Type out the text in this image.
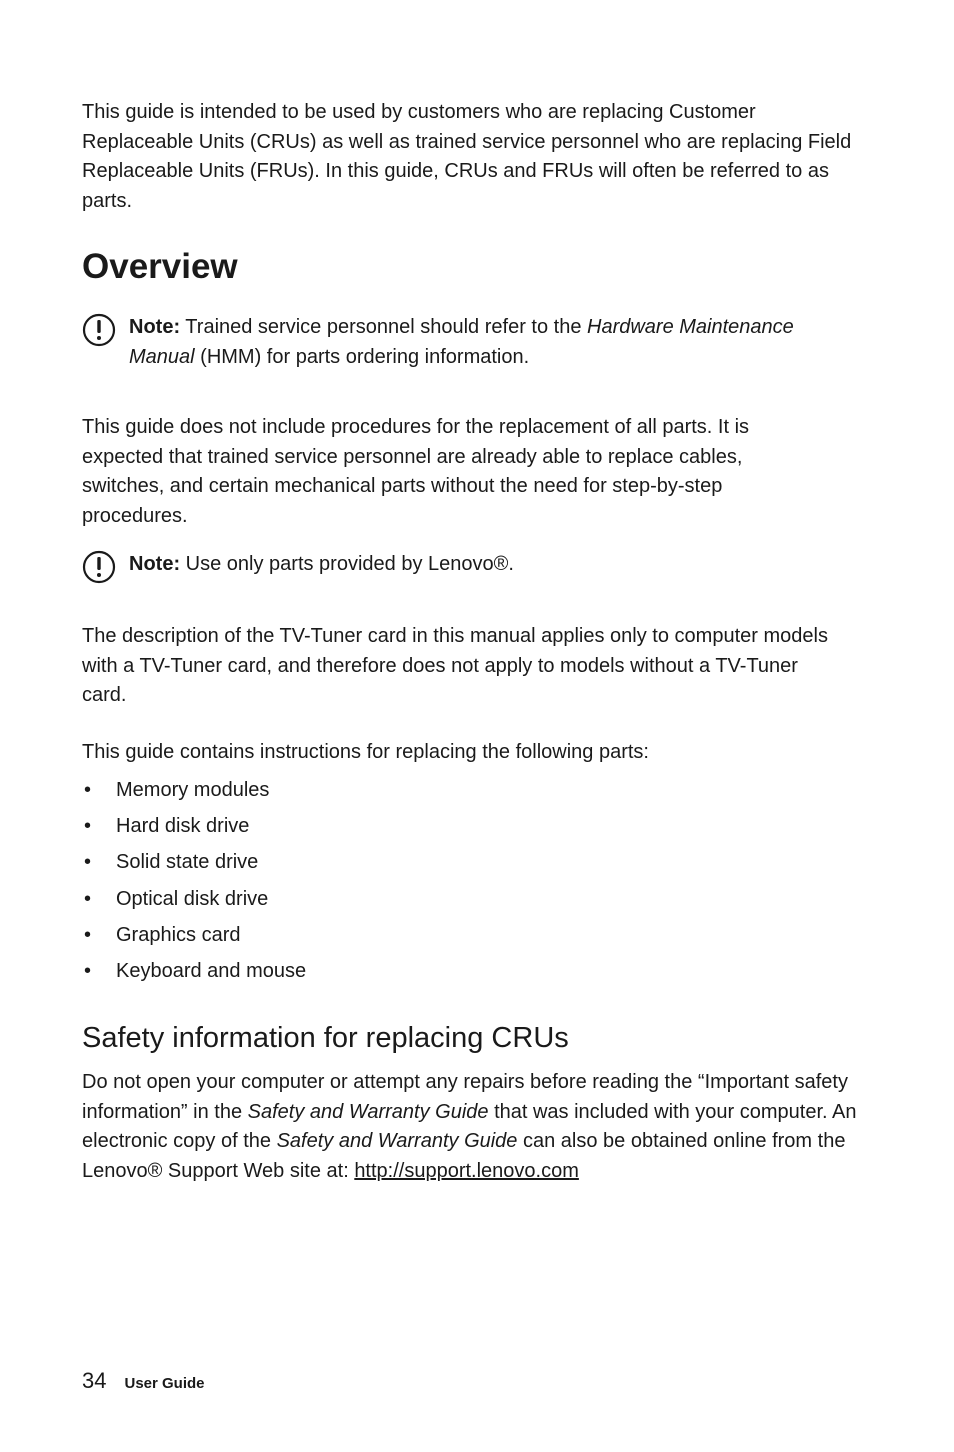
This guide is intended to be used by customers who are replacing Customer Replaceable Units (CRUs) as well as trained service personnel who are replacing Field Replaceable Units (FRUs). In this guide, CRUs and FRUs will often be referred to as parts.

Overview

Note: Trained service personnel should refer to the Hardware Maintenance Manual (HMM) for parts ordering information.

This guide does not include procedures for the replacement of all parts. It is expected that trained service personnel are already able to replace cables, switches, and certain mechanical parts without the need for step-by-step procedures.

Note: Use only parts provided by Lenovo®.

The description of the TV-Tuner card in this manual applies only to computer models with a TV-Tuner card, and therefore does not apply to models without a TV-Tuner card.

This guide contains instructions for replacing the following parts:

• Memory modules
• Hard disk drive
• Solid state drive
• Optical disk drive
• Graphics card
• Keyboard and mouse
Safety information for replacing CRUs

Do not open your computer or attempt any repairs before reading the “Important safety information” in the Safety and Warranty Guide that was included with your computer. An electronic copy of the Safety and Warranty Guide can also be obtained online from the Lenovo® Support Web site at: http://support.lenovo.com

34 User Guide
